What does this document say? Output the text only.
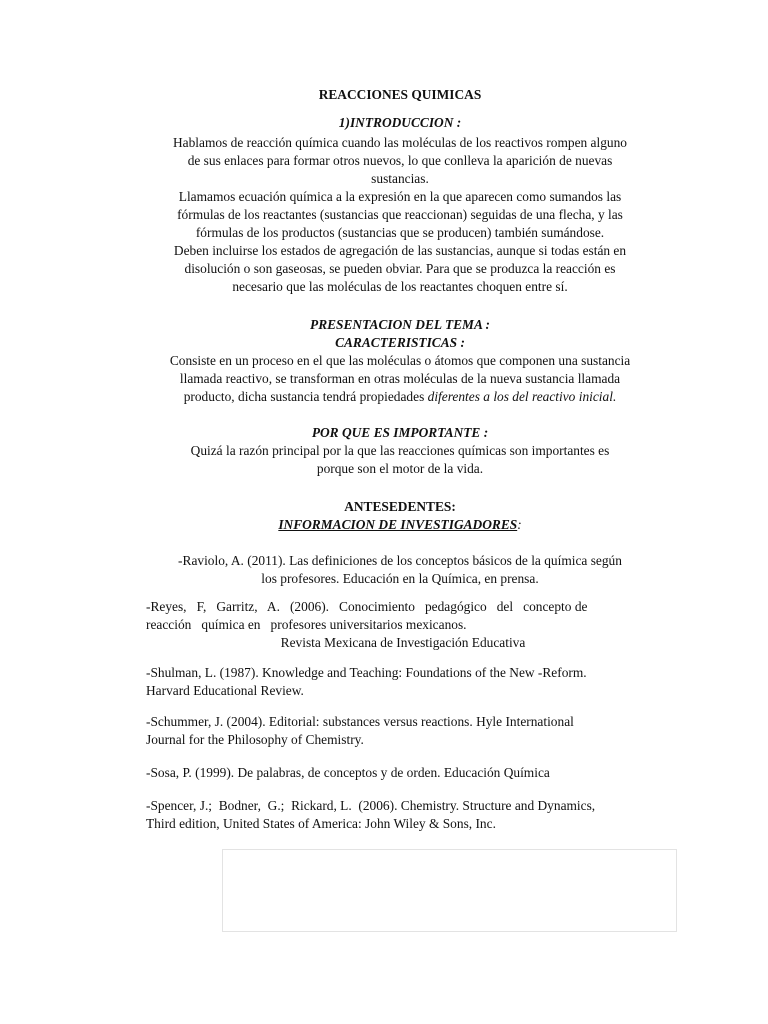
REACCIONES QUIMICAS
1)INTRODUCCION :
Hablamos de reacción química cuando las moléculas de los reactivos rompen alguno
de sus enlaces para formar otros nuevos, lo que conlleva la aparición de nuevas
sustancias.
Llamamos ecuación química a la expresión en la que aparecen como sumandos las
fórmulas de los reactantes (sustancias que reaccionan) seguidas de una flecha, y las
fórmulas de los productos (sustancias que se producen) también sumándose.
Deben incluirse los estados de agregación de las sustancias, aunque si todas están en
disolución o son gaseosas, se pueden obviar. Para que se produzca la reacción es
necesario que las moléculas de los reactantes choquen entre sí.
PRESENTACION DEL TEMA :
CARACTERISTICAS :
Consiste en un proceso en el que las moléculas o átomos que componen una sustancia
llamada reactivo, se transforman en otras moléculas de la nueva sustancia llamada
producto, dicha sustancia tendrá propiedades diferentes a los del reactivo inicial.
POR QUE ES IMPORTANTE :
Quizá la razón principal por la que las reacciones químicas son importantes es
porque son el motor de la vida.
ANTESEDENTES:
INFORMACION DE INVESTIGADORES:
-Raviolo, A. (2011). Las definiciones de los conceptos básicos de la química según
los profesores. Educación en la Química, en prensa.
-Reyes,   F,   Garritz,   A.   (2006).   Conocimiento   pedagógico   del   concepto de
reacción   química en   profesores universitarios mexicanos.
Revista Mexicana de Investigación Educativa
-Shulman, L. (1987). Knowledge and Teaching: Foundations of the New -Reform.
Harvard Educational Review.
-Schummer, J. (2004). Editorial: substances versus reactions. Hyle International
Journal for the Philosophy of Chemistry.
-Sosa, P. (1999). De palabras, de conceptos y de orden. Educación Química
-Spencer, J.;  Bodner,  G.;  Rickard, L.  (2006). Chemistry. Structure and Dynamics,
Third edition, United States of America: John Wiley & Sons, Inc.
